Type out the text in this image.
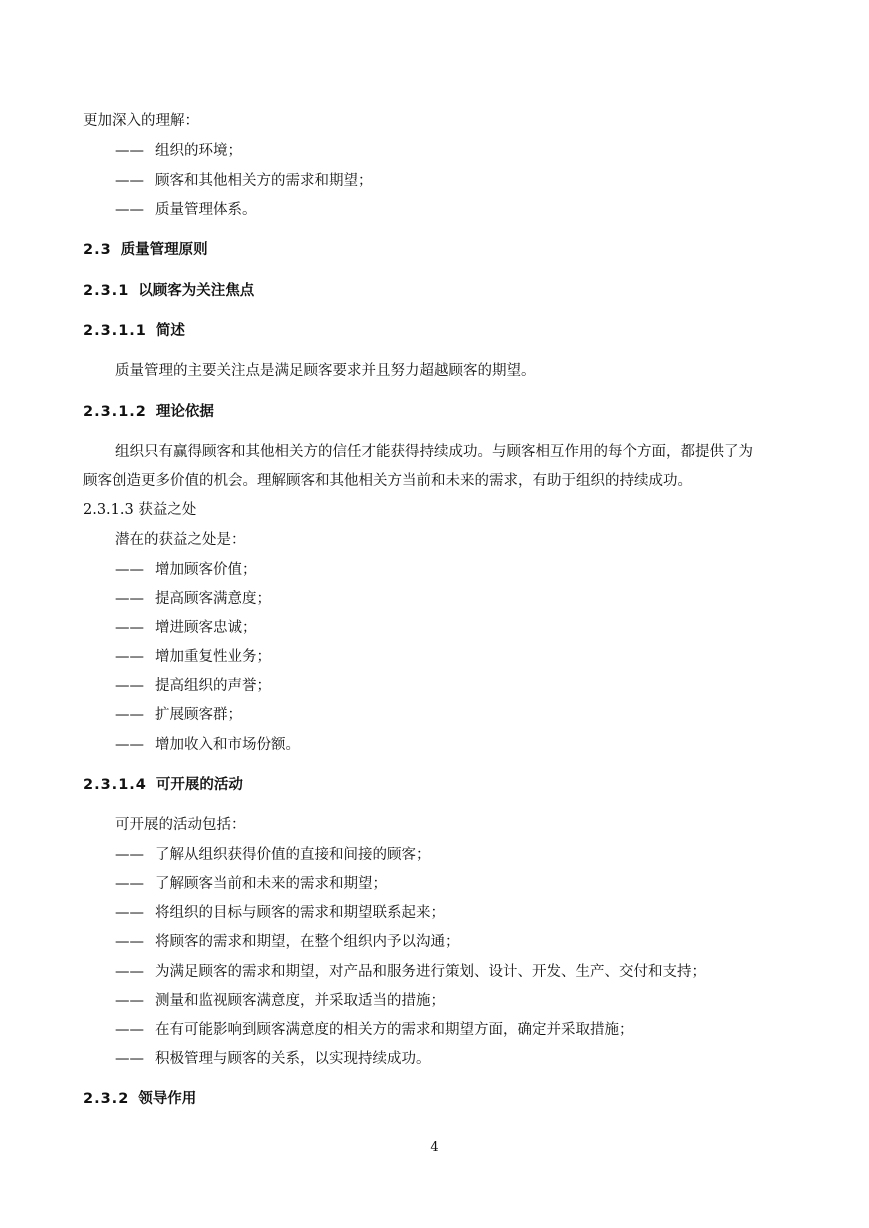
更加深入的理解：
—— 组织的环境；
—— 顾客和其他相关方的需求和期望；
—— 质量管理体系。
2.3 质量管理原则
2.3.1 以顾客为关注焦点
2.3.1.1 简述
质量管理的主要关注点是满足顾客要求并且努力超越顾客的期望。
2.3.1.2 理论依据
组织只有赢得顾客和其他相关方的信任才能获得持续成功。与顾客相互作用的每个方面，都提供了为
顾客创造更多价值的机会。理解顾客和其他相关方当前和未来的需求，有助于组织的持续成功。
2.3.1.3 获益之处
潜在的获益之处是：
—— 增加顾客价值；
—— 提高顾客满意度；
—— 增进顾客忠诚；
—— 增加重复性业务；
—— 提高组织的声誉；
—— 扩展顾客群；
—— 增加收入和市场份额。
2.3.1.4 可开展的活动
可开展的活动包括：
—— 了解从组织获得价值的直接和间接的顾客；
—— 了解顾客当前和未来的需求和期望；
—— 将组织的目标与顾客的需求和期望联系起来；
—— 将顾客的需求和期望，在整个组织内予以沟通；
—— 为满足顾客的需求和期望，对产品和服务进行策划、设计、开发、生产、交付和支持；
—— 测量和监视顾客满意度，并采取适当的措施；
—— 在有可能影响到顾客满意度的相关方的需求和期望方面，确定并采取措施；
—— 积极管理与顾客的关系，以实现持续成功。
2.3.2 领导作用
4
